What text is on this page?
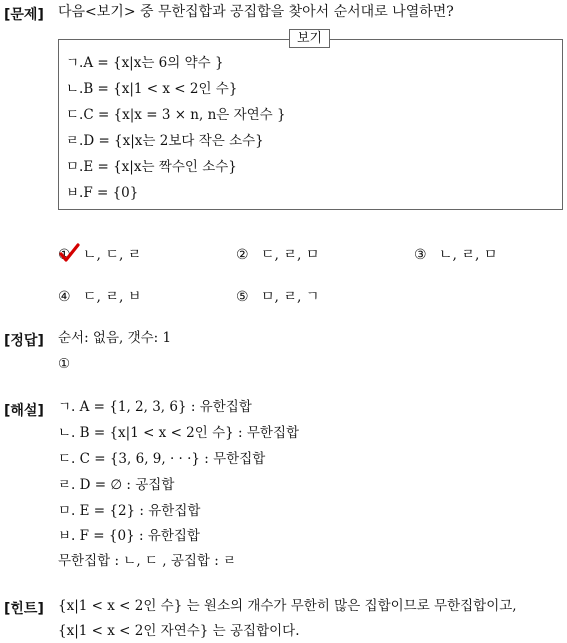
[문제] 다음<보기> 중 무한집합과 공집합을 찾아서 순서대로 나열하면?
보기
ㄱ.A = {x|x는 6의 약수 }
ㄴ.B = {x|1 < x < 2인 수}
ㄷ.C = {x|x = 3 × n, n은 자연수 }
ㄹ.D = {x|x는 2보다 작은 소수}
ㅁ.E = {x|x는 짝수인 소수}
ㅂ.F = {0}
① ㄴ, ㄷ, ㄹ	② ㄷ, ㄹ, ㅁ	③ ㄴ, ㄹ, ㅁ
④ ㄷ, ㄹ, ㅂ	⑤ ㅁ, ㄹ, ㄱ
[정답] 순서: 없음, 갯수: 1
①
[해설] ㄱ. A = {1, 2, 3, 6} : 유한집합
ㄴ. B = {x|1 < x < 2인 수} : 무한집합
ㄷ. C = {3, 6, 9, · · ·} : 무한집합
ㄹ. D = ∅ : 공집합
ㅁ. E = {2} : 유한집합
ㅂ. F = {0} : 유한집합
무한집합 : ㄴ, ㄷ , 공집합 : ㄹ
[힌트] {x|1 < x < 2인 수} 는 원소의 개수가 무한히 많은 집합이므로 무한집합이고,
{x|1 < x < 2인 자연수} 는 공집합이다.
